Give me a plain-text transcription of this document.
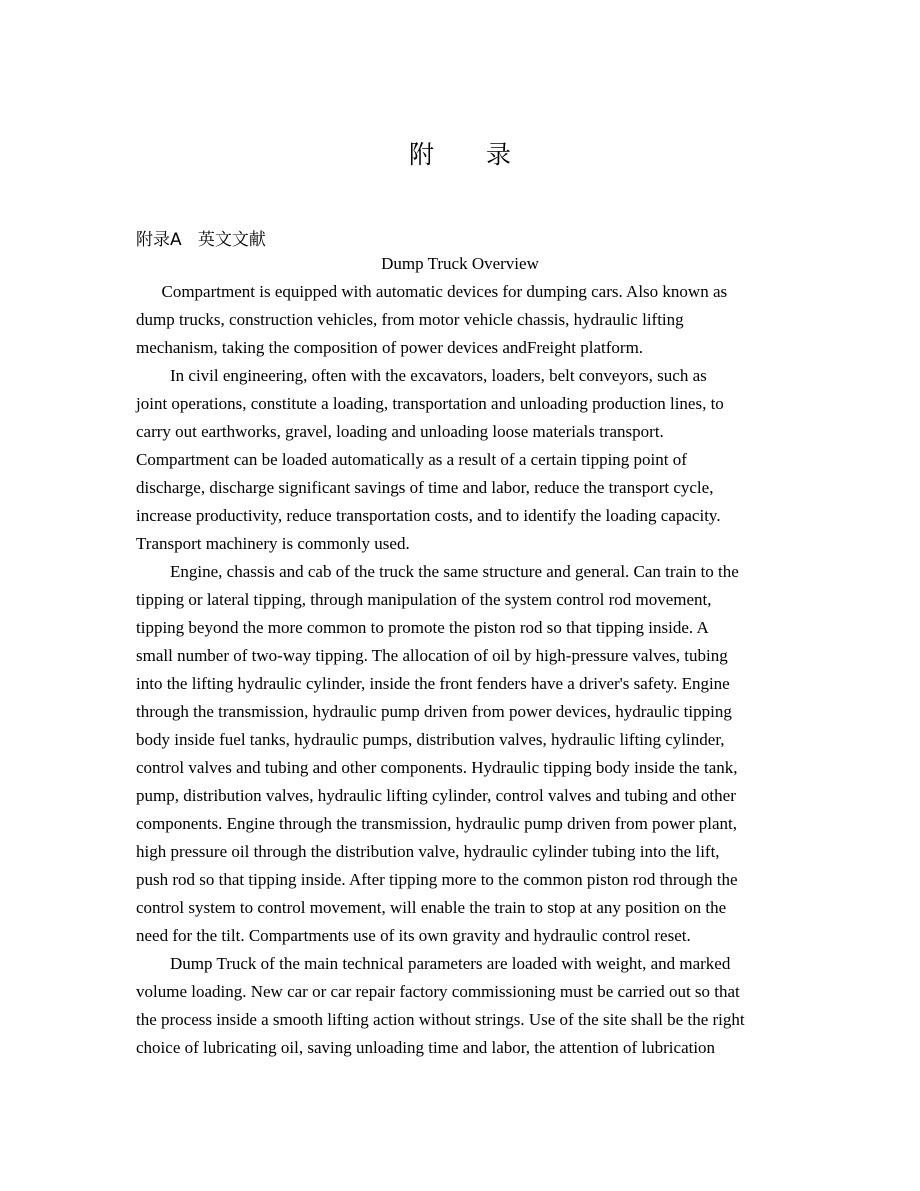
附 录
附录A   英文文献
Dump Truck Overview
Compartment is equipped with automatic devices for dumping cars. Also known as
dump trucks, construction vehicles, from motor vehicle chassis, hydraulic lifting
mechanism, taking the composition of power devices andFreight platform.
In civil engineering, often with the excavators, loaders, belt conveyors, such as
joint operations, constitute a loading, transportation and unloading production lines, to
carry out earthworks, gravel, loading and unloading loose materials transport.
Compartment can be loaded automatically as a result of a certain tipping point of
discharge, discharge significant savings of time and labor, reduce the transport cycle,
increase productivity, reduce transportation costs, and to identify the loading capacity.
Transport machinery is commonly used.
Engine, chassis and cab of the truck the same structure and general. Can train to the
tipping or lateral tipping, through manipulation of the system control rod movement,
tipping beyond the more common to promote the piston rod so that tipping inside. A
small number of two-way tipping. The allocation of oil by high-pressure valves, tubing
into the lifting hydraulic cylinder, inside the front fenders have a driver's safety. Engine
through the transmission, hydraulic pump driven from power devices, hydraulic tipping
body inside fuel tanks, hydraulic pumps, distribution valves, hydraulic lifting cylinder,
control valves and tubing and other components. Hydraulic tipping body inside the tank,
pump, distribution valves, hydraulic lifting cylinder, control valves and tubing and other
components. Engine through the transmission, hydraulic pump driven from power plant,
high pressure oil through the distribution valve, hydraulic cylinder tubing into the lift,
push rod so that tipping inside. After tipping more to the common piston rod through the
control system to control movement, will enable the train to stop at any position on the
need for the tilt. Compartments use of its own gravity and hydraulic control reset.
Dump Truck of the main technical parameters are loaded with weight, and marked
volume loading. New car or car repair factory commissioning must be carried out so that
the process inside a smooth lifting action without strings. Use of the site shall be the right
choice of lubricating oil, saving unloading time and labor, the attention of lubrication
